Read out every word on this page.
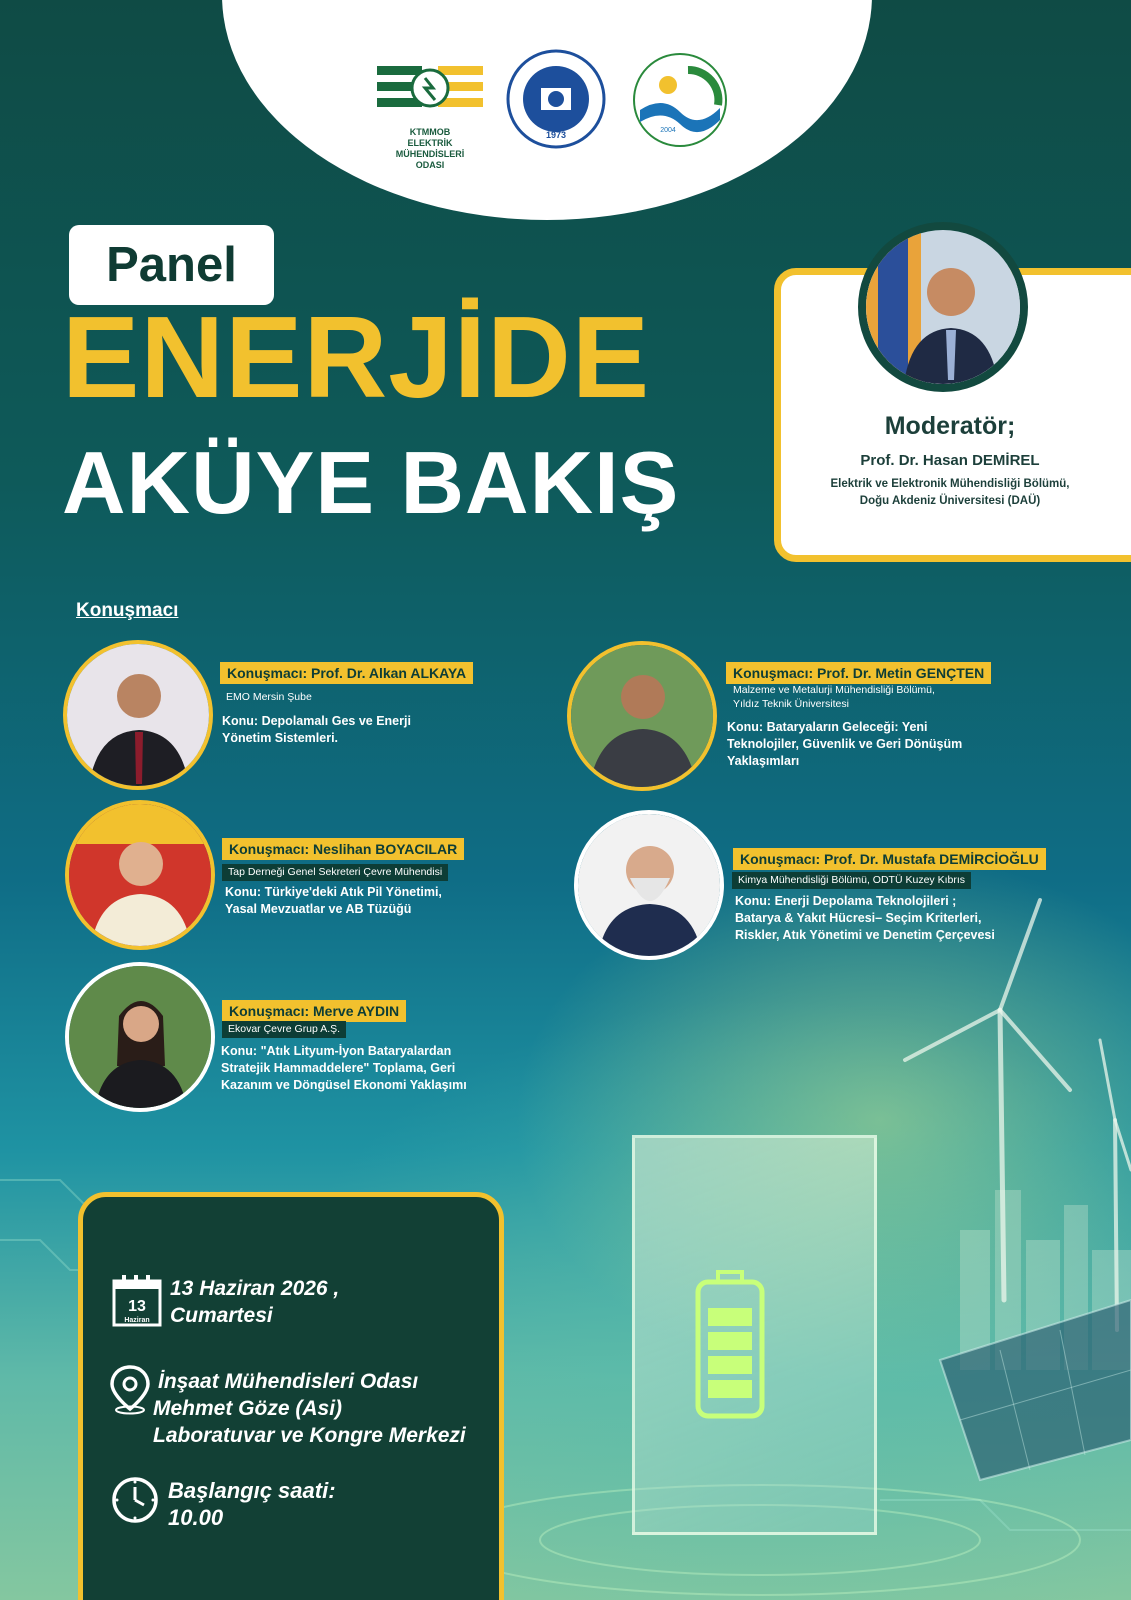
KTMMOB
ELEKTRİK MÜHENDİSLERİ
ODASI
1973	2004
Panel
ENERJİDE
AKÜYE BAKIŞ
Moderatör;
Prof. Dr. Hasan DEMİREL
Elektrik ve Elektronik Mühendisliği Bölümü,
Doğu Akdeniz Üniversitesi (DAÜ)
Konuşmacı
Konuşmacı: Prof. Dr. Alkan ALKAYA
EMO Mersin Şube
Konu: Depolamalı Ges ve Enerji
Yönetim Sistemleri.
Konuşmacı: Prof. Dr. Metin GENÇTEN
Malzeme ve Metalurji Mühendisliği Bölümü,
Yıldız Teknik Üniversitesi
Konu: Bataryaların Geleceği: Yeni
Teknolojiler, Güvenlik ve Geri Dönüşüm
Yaklaşımları
Konuşmacı: Neslihan BOYACILAR
Tap Derneği Genel Sekreteri Çevre Mühendisi
Konu: Türkiye'deki Atık Pil Yönetimi,
Yasal Mevzuatlar ve AB Tüzüğü
Konuşmacı: Prof. Dr. Mustafa DEMİRCİOĞLU
Kimya Mühendisliği Bölümü, ODTÜ Kuzey Kıbrıs
Konu: Enerji Depolama Teknolojileri ;
Batarya & Yakıt Hücresi– Seçim Kriterleri,
Riskler, Atık Yönetimi ve Denetim Çerçevesi
Konuşmacı: Merve AYDIN
Ekovar Çevre Grup A.Ş.
Konu: "Atık Lityum-İyon Bataryalardan
Stratejik Hammaddelere" Toplama, Geri
Kazanım ve Döngüsel Ekonomi Yaklaşımı
13
Haziran
13 Haziran 2026 ,
Cumartesi
İnşaat Mühendisleri Odası
Mehmet Göze (Asi)
Laboratuvar ve Kongre Merkezi
Başlangıç saati:
10.00
